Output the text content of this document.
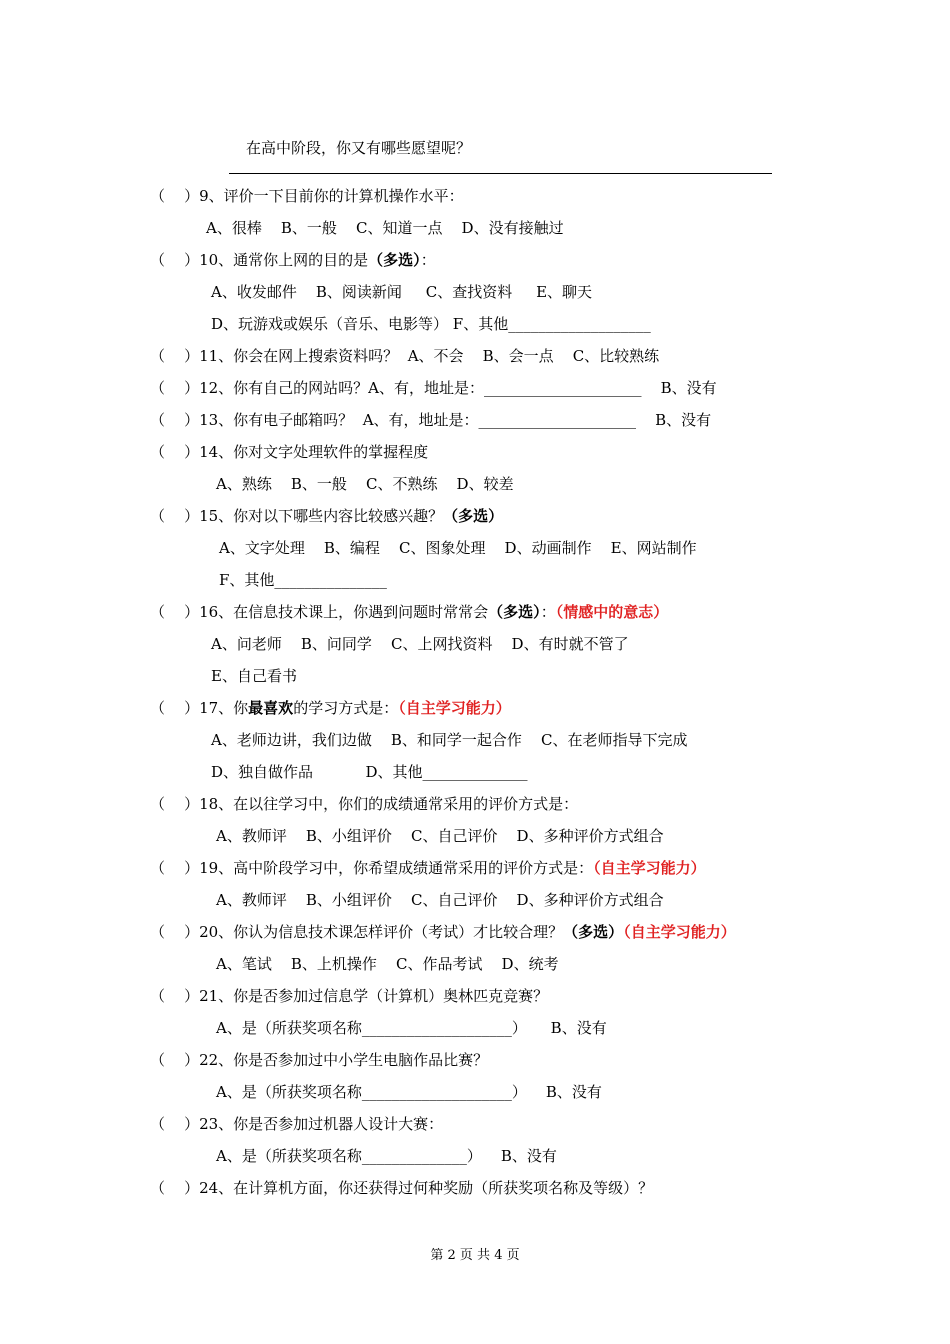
在高中阶段，你又有哪些愿望呢？
（    ）9、评价一下目前你的计算机操作水平：
A、很棒    B、一般    C、知道一点    D、没有接触过
（    ）10、通常你上网的目的是（多选）：
A、收发邮件    B、阅读新闻     C、查找资料     E、聊天
D、玩游戏或娱乐（音乐、电影等） F、其他___________________
（    ）11、你会在网上搜索资料吗？  A、不会    B、会一点    C、比较熟练
（    ）12、你有自己的网站吗？A、有，地址是：_____________________    B、没有
（    ）13、你有电子邮箱吗？  A、有，地址是：_____________________    B、没有
（    ）14、你对文字处理软件的掌握程度
A、熟练    B、一般    C、不熟练    D、较差
（    ）15、你对以下哪些内容比较感兴趣？（多选）
A、文字处理    B、编程    C、图象处理    D、动画制作    E、网站制作
F、其他_______________
（    ）16、在信息技术课上，你遇到问题时常常会（多选）：（情感中的意志）
A、问老师    B、问同学    C、上网找资料    D、有时就不管了
E、自己看书
（    ）17、你最喜欢的学习方式是：（自主学习能力）
A、老师边讲，我们边做    B、和同学一起合作    C、在老师指导下完成
D、独自做作品           D、其他______________
（    ）18、在以往学习中，你们的成绩通常采用的评价方式是：
A、教师评    B、小组评价    C、自己评价    D、多种评价方式组合
（    ）19、高中阶段学习中，你希望成绩通常采用的评价方式是：（自主学习能力）
A、教师评    B、小组评价    C、自己评价    D、多种评价方式组合
（    ）20、你认为信息技术课怎样评价（考试）才比较合理？（多选）（自主学习能力）
A、笔试    B、上机操作    C、作品考试    D、统考
（    ）21、你是否参加过信息学（计算机）奥林匹克竞赛？
A、是（所获奖项名称____________________）     B、没有
（    ）22、你是否参加过中小学生电脑作品比赛？
A、是（所获奖项名称____________________）    B、没有
（    ）23、你是否参加过机器人设计大赛：
A、是（所获奖项名称______________）    B、没有
（    ）24、在计算机方面，你还获得过何种奖励（所获奖项名称及等级）？
第 2 页 共 4 页
